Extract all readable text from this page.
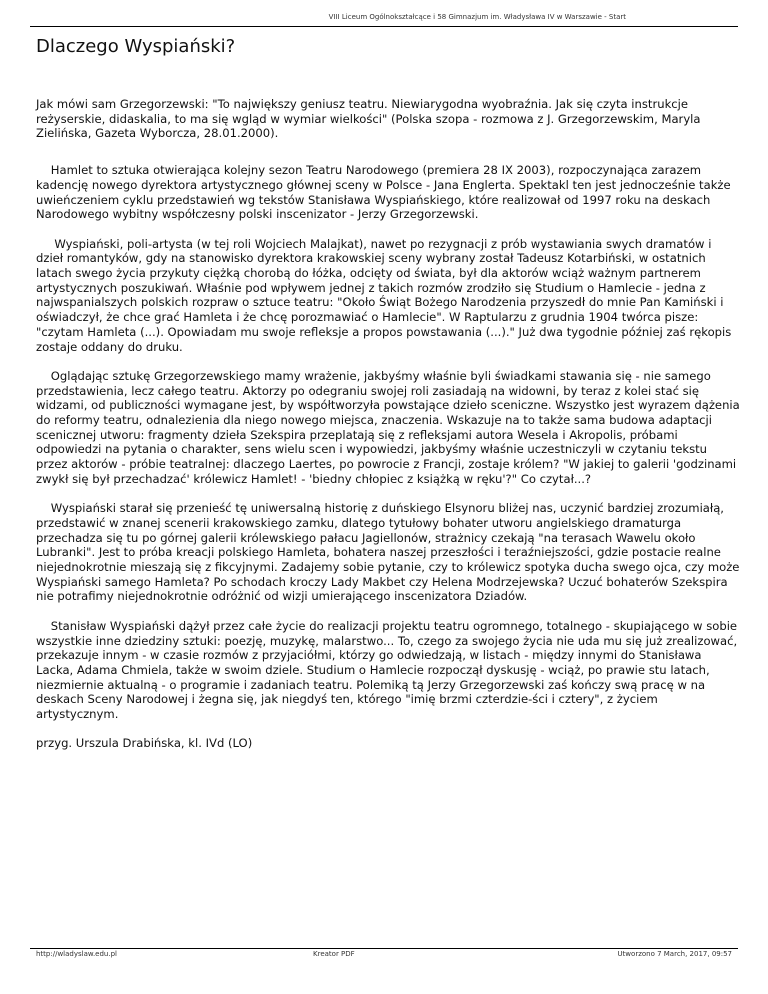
VIII Liceum Ogólnokształcące i 58 Gimnazjum im. Władysława IV w Warszawie - Start
Dlaczego Wyspiański?

Jak mówi sam Grzegorzewski: "To największy geniusz teatru. Niewiarygodna wyobraźnia. Jak się czyta instrukcje reżyserskie, didaskalia, to ma się wgląd w wymiar wielkości" (Polska szopa - rozmowa z J. Grzegorzewskim, Maryla Zielińska, Gazeta Wyborcza, 28.01.2000).

Hamlet to sztuka otwierająca kolejny sezon Teatru Narodowego (premiera 28 IX 2003), rozpoczynająca zarazem kadencję nowego dyrektora artystycznego głównej sceny w Polsce - Jana Englerta. Spektakl ten jest jednocześnie także uwieńczeniem cyklu przedstawień wg tekstów Stanisława Wyspiańskiego, które realizował od 1997 roku na deskach Narodowego wybitny współczesny polski inscenizator - Jerzy Grzegorzewski.

Wyspiański, poli-artysta (w tej roli Wojciech Malajkat), nawet po rezygnacji z prób wystawiania swych dramatów i dzieł romantyków, gdy na stanowisko dyrektora krakowskiej sceny wybrany został Tadeusz Kotarbiński, w ostatnich latach swego życia przykuty ciężką chorobą do łóżka, odcięty od świata, był dla aktorów wciąż ważnym partnerem artystycznych poszukiwań. Właśnie pod wpływem jednej z takich rozmów zrodziło się Studium o Hamlecie - jedna z najwspanialszych polskich rozpraw o sztuce teatru: "Około Świąt Bożego Narodzenia przyszedł do mnie Pan Kamiński i oświadczył, że chce grać Hamleta i że chcę porozmawiać o Hamlecie". W Raptularzu z grudnia 1904 twórca pisze: "czytam Hamleta (...). Opowiadam mu swoje refleksje a propos powstawania (...)." Już dwa tygodnie później zaś rękopis zostaje oddany do druku.

Oglądając sztukę Grzegorzewskiego mamy wrażenie, jakbyśmy właśnie byli świadkami stawania się - nie samego przedstawienia, lecz całego teatru. Aktorzy po odegraniu swojej roli zasiadają na widowni, by teraz z kolei stać się widzami, od publiczności wymagane jest, by współtworzyła powstające dzieło sceniczne. Wszystko jest wyrazem dążenia do reformy teatru, odnalezienia dla niego nowego miejsca, znaczenia. Wskazuje na to także sama budowa adaptacji scenicznej utworu: fragmenty dzieła Szekspira przeplatają się z refleksjami autora Wesela i Akropolis, próbami odpowiedzi na pytania o charakter, sens wielu scen i wypowiedzi, jakbyśmy właśnie uczestniczyli w czytaniu tekstu przez aktorów - próbie teatralnej: dlaczego Laertes, po powrocie z Francji, zostaje królem? "W jakiej to galerii 'godzinami zwykł się był przechadzać' królewicz Hamlet! - 'biedny chłopiec z książką w ręku'?" Co czytał...?

Wyspiański starał się przenieść tę uniwersalną historię z duńskiego Elsynoru bliżej nas, uczynić bardziej zrozumiałą, przedstawić w znanej scenerii krakowskiego zamku, dlatego tytułowy bohater utworu angielskiego dramaturga przechadza się tu po górnej galerii królewskiego pałacu Jagiellonów, strażnicy czekają "na terasach Wawelu około Lubranki". Jest to próba kreacji polskiego Hamleta, bohatera naszej przeszłości i teraźniejszości, gdzie postacie realne niejednokrotnie mieszają się z fikcyjnymi. Zadajemy sobie pytanie, czy to królewicz spotyka ducha swego ojca, czy może Wyspiański samego Hamleta? Po schodach kroczy Lady Makbet czy Helena Modrzejewska? Uczuć bohaterów Szekspira nie potrafimy niejednokrotnie odróżnić od wizji umierającego inscenizatora Dziadów.

Stanisław Wyspiański dążył przez całe życie do realizacji projektu teatru ogromnego, totalnego - skupiającego w sobie wszystkie inne dziedziny sztuki: poezję, muzykę, malarstwo... To, czego za swojego życia nie uda mu się już zrealizować, przekazuje innym - w czasie rozmów z przyjaciółmi, którzy go odwiedzają, w listach - między innymi do Stanisława Lacka, Adama Chmiela, także w swoim dziele. Studium o Hamlecie rozpoczął dyskusję - wciąż, po prawie stu latach, niezmiernie aktualną - o programie i zadaniach teatru. Polemiką tą Jerzy Grzegorzewski zaś kończy swą pracę w na deskach Sceny Narodowej i żegna się, jak niegdyś ten, którego "imię brzmi czterdzie-ści i cztery", z życiem artystycznym.

przyg. Urszula Drabińska, kl. IVd (LO)

http://wladyslaw.edu.pl	Kreator PDF	Utworzono 7 March, 2017, 09:57
